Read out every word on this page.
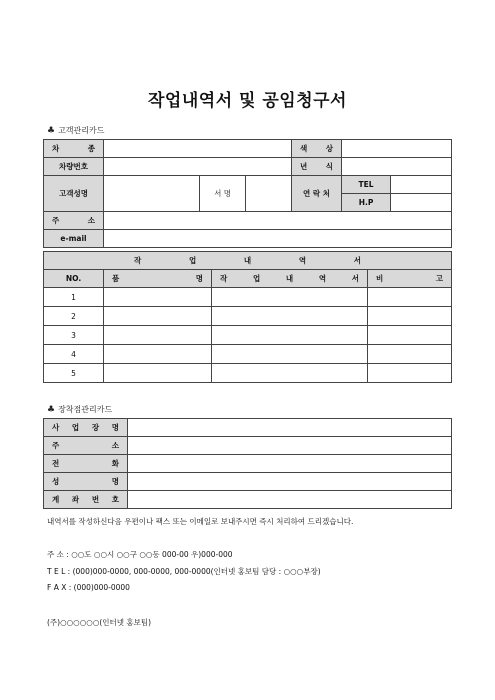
작업내역서 및 공임청구서
♣ 고객관리카드
차 종				색 상	

차량번호				년 식	

고객성명		서 명		연 락 처	TEL

					H.P

주 소					

e-mail					
작 업 내 역 서			

NO.	품 명	작 업 내 역 서	비 고

1			
2			
3			
4			
5			
♣ 장착점관리카드
사 업 장 명	

주 소	

전 화	

성 명	

계 좌 번 호	

내역서를 작성하신다음 우편이나 팩스 또는 이메일로 보내주시면 즉시 처리하여 드리겠습니다.
주 소 : ○○도 ○○시 ○○구 ○○동 000-00 우)000-000
T E L : (000)000-0000, 000-0000, 000-0000(인터넷 홍보팀 담당 : ○○○부장)
F A X : (000)000-0000
(주)○○○○○○(인터넷 홍보팀)
